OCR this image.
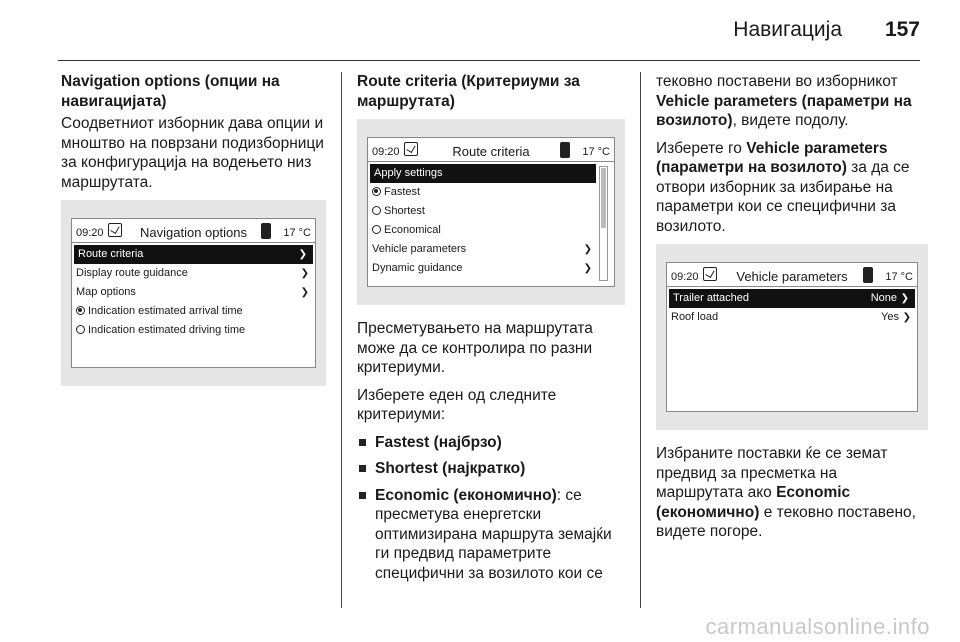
Навигација 157
Navigation options (опции на навигацијата)

Соодветниот изборник дава опции и мноштво на поврзани подизборници за конфигурација на водењето низ маршрутата.

09:20	Navigation options	17 °C
Route criteria	❯
Display route guidance	❯
Map options	❯
Indication estimated arrival time
Indication estimated driving time
Route criteria (Критериуми за маршрутата)
09:20	Route criteria	17 °C
Apply settings
Fastest
Shortest
Economical
Vehicle parameters	❯
Dynamic guidance	❯

Пресметувањето на маршрутата може да се контролира по разни критериуми.

Изберете еден од следните критериуми:

Fastest (најбрзо)
Shortest (најкратко)
Economic (економично): се пресметува енергетски оптимизирана маршрута земајќи ги предвид параметрите специфични за возилото кои се

тековно поставени во изборникот Vehicle parameters (параметри на возилото), видете подолу.

Изберете го Vehicle parameters (параметри на возилото) за да се отвори изборник за избирање на параметри кои се специфични за возилото.

09:20	Vehicle parameters	17 °C
Trailer attached	None ❯
Roof load	Yes ❯

Избраните поставки ќе се земат предвид за пресметка на маршрутата ако Economic (економично) е тековно поставено, видете погоре.

carmanualsonline.info
